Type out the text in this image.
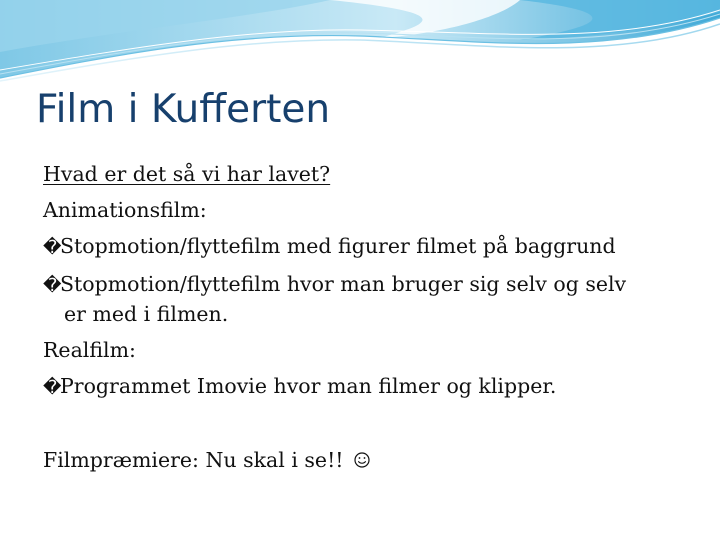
Film i Kufferten
Hvad er det så vi har lavet?
Animationsfilm:
�Stopmotion/flyttefilm med figurer filmet på baggrund
�Stopmotion/flyttefilm hvor man bruger sig selv og selv
er med i filmen.
Realfilm:
�Programmet Imovie hvor man filmer og klipper.
Filmpræmiere: Nu skal i se!!
